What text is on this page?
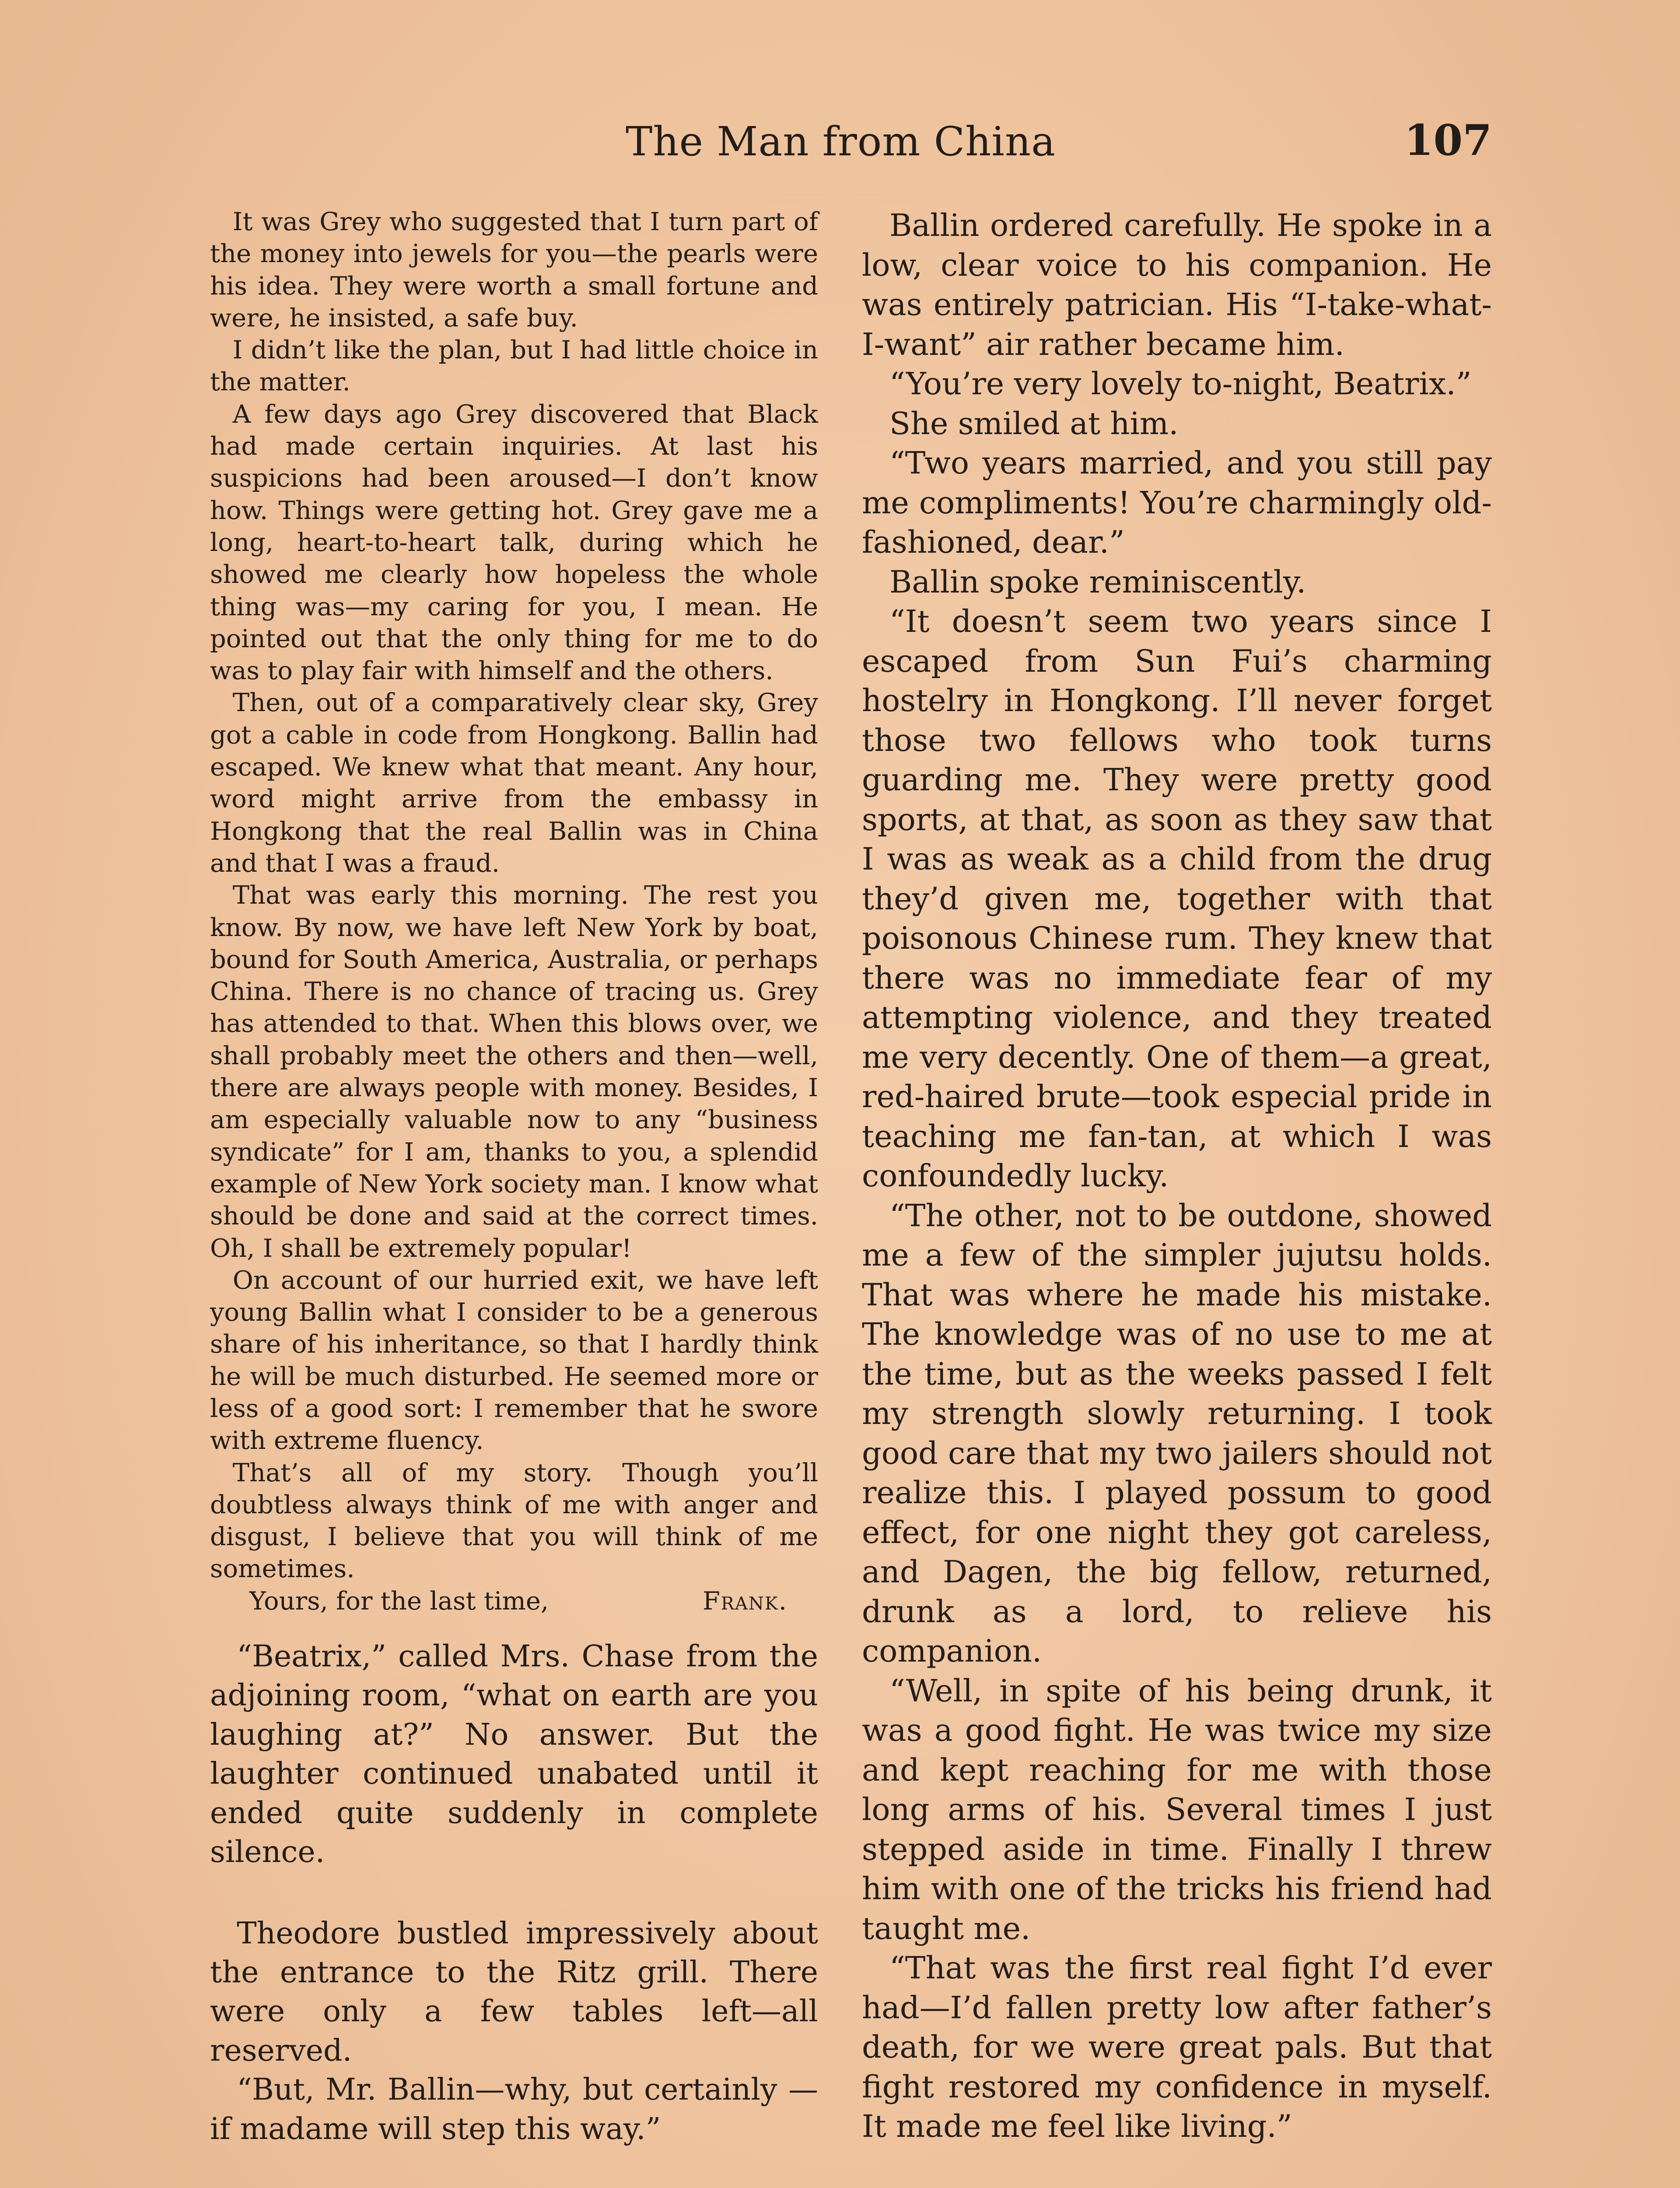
The Man from China	107

It was Grey who suggested that I turn part of the money into jewels for you—the pearls were his idea. They were worth a small fortune and were, he insisted, a safe buy.

I didn’t like the plan, but I had little choice in the matter.

A few days ago Grey discovered that Black had made certain inquiries. At last his suspicions had been aroused—I don’t know how. Things were getting hot. Grey gave me a long, heart-to-heart talk, during which he showed me clearly how hopeless the whole thing was—my caring for you, I mean. He pointed out that the only thing for me to do was to play fair with himself and the others.

Then, out of a comparatively clear sky, Grey got a cable in code from Hongkong. Ballin had escaped. We knew what that meant. Any hour, word might arrive from the embassy in Hongkong that the real Ballin was in China and that I was a fraud.

That was early this morning. The rest you know. By now, we have left New York by boat, bound for South America, Australia, or perhaps China. There is no chance of tracing us. Grey has attended to that. When this blows over, we shall probably meet the others and then—well, there are always people with money. Besides, I am especially valuable now to any “business syndicate” for I am, thanks to you, a splendid example of New York society man. I know what should be done and said at the correct times. Oh, I shall be extremely popular!

On account of our hurried exit, we have left young Ballin what I consider to be a generous share of his inheritance, so that I hardly think he will be much disturbed. He seemed more or less of a good sort: I remember that he swore with extreme fluency.

That’s all of my story. Though you’ll doubtless always think of me with anger and disgust, I believe that you will think of me sometimes.

Yours, for the last time,	Frank.

“Beatrix,” called Mrs. Chase from the adjoining room, “what on earth are you laughing at?” No answer. But the laughter continued unabated until it ended quite suddenly in complete silence.

Theodore bustled impressively about the entrance to the Ritz grill. There were only a few tables left—all reserved.

“But, Mr. Ballin—why, but certainly —if madame will step this way.”

Ballin ordered carefully. He spoke in a low, clear voice to his companion. He was entirely patrician. His “I-take-what-I-want” air rather became him.

“You’re very lovely to-night, Beatrix.”

She smiled at him.

“Two years married, and you still pay me compliments! You’re charmingly old-fashioned, dear.”

Ballin spoke reminiscently.

“It doesn’t seem two years since I escaped from Sun Fui’s charming hostelry in Hongkong. I’ll never forget those two fellows who took turns guarding me. They were pretty good sports, at that, as soon as they saw that I was as weak as a child from the drug they’d given me, together with that poisonous Chinese rum. They knew that there was no immediate fear of my attempting violence, and they treated me very decently. One of them—a great, red-haired brute—took especial pride in teaching me fan-tan, at which I was confoundedly lucky.

“The other, not to be outdone, showed me a few of the simpler jujutsu holds. That was where he made his mistake. The knowledge was of no use to me at the time, but as the weeks passed I felt my strength slowly returning. I took good care that my two jailers should not realize this. I played possum to good effect, for one night they got careless, and Dagen, the big fellow, returned, drunk as a lord, to relieve his companion.

“Well, in spite of his being drunk, it was a good fight. He was twice my size and kept reaching for me with those long arms of his. Several times I just stepped aside in time. Finally I threw him with one of the tricks his friend had taught me.

“That was the first real fight I’d ever had—I’d fallen pretty low after father’s death, for we were great pals. But that fight restored my confidence in myself. It made me feel like living.”
